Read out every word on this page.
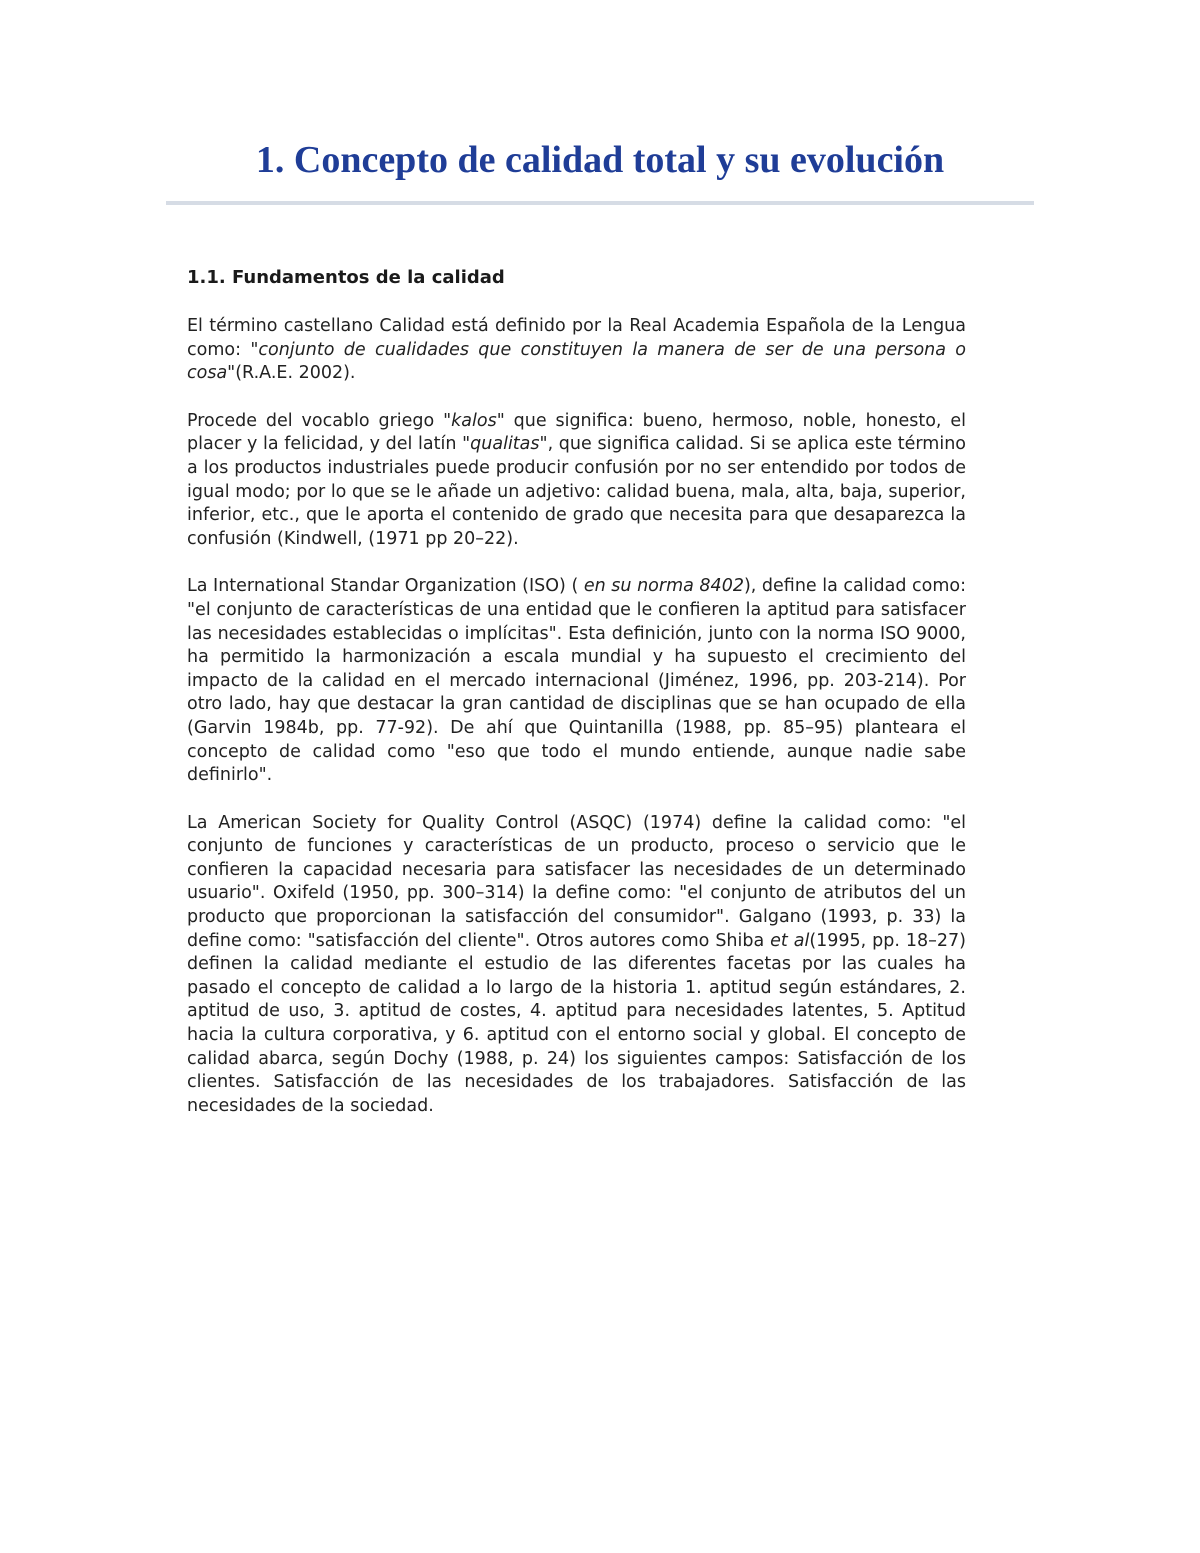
1. Concepto de calidad total y su evolución
1.1. Fundamentos de la calidad

El término castellano Calidad está definido por la Real Academia Española de la Lengua como: "conjunto de cualidades que constituyen la manera de ser de una persona o cosa"(R.A.E. 2002).

Procede del vocablo griego "kalos" que significa: bueno, hermoso, noble, honesto, el placer y la felicidad, y del latín "qualitas", que significa calidad. Si se aplica este término a los productos industriales puede producir confusión por no ser entendido por todos de igual modo; por lo que se le añade un adjetivo: calidad buena, mala, alta, baja, superior, inferior, etc., que le aporta el contenido de grado que necesita para que desaparezca la confusión (Kindwell, (1971 pp 20–22).

La International Standar Organization (ISO) ( en su norma 8402), define la calidad como: "el conjunto de características de una entidad que le confieren la aptitud para satisfacer las necesidades establecidas o implícitas". Esta definición, junto con la norma ISO 9000, ha permitido la harmonización a escala mundial y ha supuesto el crecimiento del impacto de la calidad en el mercado internacional (Jiménez, 1996, pp. 203-214). Por otro lado, hay que destacar la gran cantidad de disciplinas que se han ocupado de ella (Garvin 1984b, pp. 77-92). De ahí que Quintanilla (1988, pp. 85–95) planteara el concepto de calidad como "eso que todo el mundo entiende, aunque nadie sabe definirlo".

La American Society for Quality Control (ASQC) (1974) define la calidad como: "el conjunto de funciones y características de un producto, proceso o servicio que le confieren la capacidad necesaria para satisfacer las necesidades de un determinado usuario". Oxifeld (1950, pp. 300–314) la define como: "el conjunto de atributos del un producto que proporcionan la satisfacción del consumidor". Galgano (1993, p. 33) la define como: "satisfacción del cliente". Otros autores como Shiba et al(1995, pp. 18–27) definen la calidad mediante el estudio de las diferentes facetas por las cuales ha pasado el concepto de calidad a lo largo de la historia 1. aptitud según estándares, 2. aptitud de uso, 3. aptitud de costes, 4. aptitud para necesidades latentes, 5. Aptitud hacia la cultura corporativa, y 6. aptitud con el entorno social y global. El concepto de calidad abarca, según Dochy (1988, p. 24) los siguientes campos: Satisfacción de los clientes. Satisfacción de las necesidades de los trabajadores. Satisfacción de las necesidades de la sociedad.
